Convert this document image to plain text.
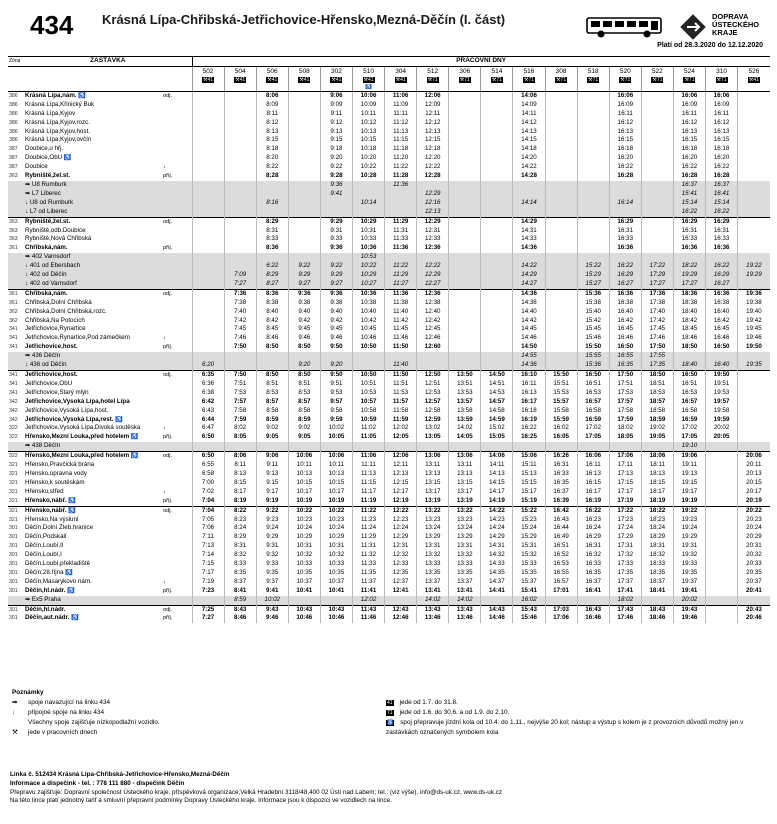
434 Krásná Lípa-Chřibská-Jetřichovice-Hřensko,Mezná-Děčín (I. část)	DOPRAVA
ÚSTECKÉHO
KRAJE
Platí od 28.3.2020 do 12.12.2020
Zóna	ZASTÁVKA		PRACOVNÍ DNY																	
			502	504	506	508	302	510	304	512	306	514	516	308	518	520	522	524	310	526
			⚒41	⚒41	⚒41	⚒41	⚒41	⚒41	⚒41	⚒71	⚒71	⚒71	⚒71	⚒71	⚒71	⚒71	⚒71	⚒71	⚒71	⚒41
								♿												
386	Krásná Lípa,nám. ♿	odj.			8:06		9:06	10:06	11:06	12:06			14:06			16:06		16:06	16:06	
386	Krásná Lípa,Křinický Buk				8:09		9:09	10:09	11:09	12:09			14:09			16:09		16:09	16:09	
386	Krásná Lípa,Kyjov				8:11		9:11	10:11	11:11	12:11			14:11			16:11		16:11	16:11	
386	Krásná Lípa,Kyjov,rozc.				8:12		9:12	10:12	11:12	12:12			14:12			16:12		16:12	16:12	
386	Krásná Lípa,Kyjov,host.				8:13		9:13	10:13	11:13	12:13			14:13			16:13		16:13	16:13	
386	Krásná Lípa,Kyjov,ovčín				8:15		9:15	10:15	11:15	12:15			14:15			16:15		16:15	16:15	
387	Doubice,u hřj.				8:18		9:18	10:18	11:18	12:18			14:18			16:18		16:18	16:18	
387	Doubice,ObÚ ♿				8:20		9:20	10:20	11:20	12:20			14:20			16:20		16:20	16:20	
387	Doubice	↓			8:22		9:22	10:22	11:22	12:22			14:22			16:22		16:22	16:22	
363	Rybniště,žel.st.	příj.			8:28		9:28	10:28	11:28	12:28			14:28			16:28		16:28	16:28	
	➡ U8 Rumburk						9:36		11:36									16:37	16:37	
	➡ L7 Liberec						9:41			12:29								15:41	16:41	
	↓ U8 od Rumburk				8:16			10:14		12:16			14:14			16:14		15:14	15:14	
	↓ L7 od Liberec									12:13								16:22	16:22	
363	Rybniště,žel.st.	odj.			8:29		9:29	10:29	11:29	12:29			14:29			16:29		16:29	16:29	
363	Rybniště,odb.Doubice				8:31		9:31	10:31	11:31	12:31			14:31			16:31		16:31	16:31	
363	Rybniště,Nová Chřibská				8:33		9:33	10:33	11:33	12:33			14:33			16:33		16:33	16:33	
361	Chřibská,nám.	příj.			8:36		9:36	10:36	11:36	12:36			14:36			16:36		16:36	16:36	
	➡ 402 Varnsdorf							10:53												
	↓ 401 od Ebersbach				6:22	9:22	9:22	10:22	11:22	12:22			14:22		15:22	16:22	17:22	18:22	16:22	19:22
	↓ 402 od Děčín			7:09	8:29	9:29	9:29	10:29	11:29	12:29			14:29		15:29	16:29	17:29	19:29	16:29	19:29
	↓ 402 od Varnsdorf			7:27	8:27	9:27	9:27	10:27	11:27	12:27			14:27		15:27	16:27	17:27	17:27	16:27	
361	Chřibská,nám.	odj.		7:36	8:36	9:36	9:36	10:36	11:36	12:36			14:36		15:36	16:36	17:36	18:36	16:36	19:36
361	Chřibská,Dolní Chřibská			7:38	8:38	9:38	9:38	10:38	11:38	12:38			14:38		15:38	16:38	17:38	18:38	16:38	19:38
362	Chřibská,Dolní Chřibská,rozc.			7:40	8:40	9:40	9:40	10:40	11:40	12:40			14:40		15:40	16:40	17:40	18:40	16:40	19:40
362	Chřibská,Na Potocích			7:42	8:42	9:42	9:42	10:42	11:42	12:42			14:42		15:42	16:42	17:42	18:42	16:42	19:42
341	Jetřichovice,Rynartice			7:45	8:45	9:45	9:45	10:45	11:45	12:45			14:45		15:45	16:45	17:45	18:45	16:45	19:45
341	Jetřichovice,Rynartice,Pod zámečkem	↓		7:46	8:46	9:46	9:46	10:46	11:46	12:46			14:46		15:46	16:46	17:46	18:46	16:46	19:46
341	Jetřichovice,host.	příj.		7:50	8:50	8:50	9:50	10:50	11:50	12:60			14:50		15:50	16:50	17:50	18:50	16:50	19:50
	➡ 436 Děčín												14:55		15:55	16:55	17:55			
	↓ 436 od Děčín		6:20			9:20	9:20		11:40				14:36		15:36	16:35	17:35	18:40	16:40	19:35
341	Jetřichovice,host.	odj.	6:35	7:50	8:50	8:50	9:50	10:50	11:50	12:50	13:50	14:50	16:10	15:50	16:50	17:50	18:50	16:50	19:50	
341	Jetřichovice,ObÚ		6:36	7:51	8:51	8:51	9:51	10:51	11:51	12:51	13:51	14:51	16:11	15:51	16:51	17:51	18:51	16:51	19:51	
341	Jetřichovice,Starý mlýn		6:38	7:53	8:53	8:53	9:53	10:53	11:53	12:53	13:53	14:53	16:13	15:53	16:53	17:53	18:53	16:53	19:53	
342	Jetřichovice,Vysoká Lípa,hotel Lípa		6:42	7:57	8:57	8:57	9:57	10:57	11:57	12:57	13:57	14:57	16:17	15:57	16:57	17:57	18:57	16:57	19:57	
342	Jetřichovice,Vysoká Lípa,host.		6:43	7:58	8:58	8:58	9:58	10:58	11:58	12:58	13:58	14:58	16:18	15:58	16:58	17:58	18:58	16:58	19:58	
342	Jetřichovice,Vysoká Lípa,rest. ♿		6:44	7:59	8:59	8:59	9:59	10:59	11:59	12:59	13:59	14:59	16:19	15:59	16:59	17:59	18:59	16:59	19:59	
322	Jetřichovice,Vysoká Lípa,Divoká soutěska	↓	6:47	8:02	9:02	9:02	10:02	11:02	12:02	13:02	14:02	15:02	16:22	16:02	17:02	18:02	19:02	17:02	20:02	
322	Hřensko,Mezní Louka,před hotelem ♿	příj.	6:50	8:05	9:05	9:05	10:05	11:05	12:05	13:05	14:05	15:05	16:25	16:05	17:05	18:05	19:05	17:05	20:05	
	➡ 438 Děčín																	19:10		
322	Hřensko,Mezní Louka,před hotelem ♿	odj.	6:50	8:06	9:06	10:06	10:06	11:06	12:06	13:06	13:06	14:06	15:06	16:26	16:06	17:06	18:06	19:06		20:06
321	Hřensko,Pravčická brána		6:55	8:11	9:11	10:11	10:11	11:11	12:11	13:11	13:11	14:11	15:11	16:31	16:11	17:11	18:11	19:11		20:11
321	Hřensko,úpravna vody		6:58	8:13	9:13	10:13	10:13	11:13	12:13	13:13	13:13	14:13	15:13	16:33	16:13	17:13	18:13	19:13		20:13
321	Hřensko,k soutěskám		7:00	8:15	9:15	10:15	10:15	11:15	12:15	13:15	13:15	14:15	15:15	16:35	16:15	17:15	18:15	19:15		20:15
321	Hřensko,střed	↓	7:02	8:17	9:17	10:17	10:17	11:17	12:17	13:17	13:17	14:17	15:17	16:37	16:17	17:17	18:17	19:17		20:17
321	Hřensko,nábř. ♿	příj.	7:04	8:19	9:19	10:19	10:19	11:19	12:19	13:19	13:19	14:19	15:19	16:39	16:19	17:19	18:19	19:19		20:19
321	Hřensko,nábř. ♿	odj.	7:04	8:22	9:22	10:22	10:22	11:22	12:22	13:22	13:22	14:22	15:22	16:42	16:22	17:22	18:22	19:22		20:22
321	Hřensko,Na výsluní		7:05	8:23	9:23	10:23	10:23	11:23	12:23	13:23	13:23	14:23	15:23	16:43	16:23	17:23	18:23	19:23		20:23
301	Děčín,Dolní Žleb,hranice		7:06	8:24	9:24	10:24	10:24	11:24	12:24	13:24	13:24	14:24	15:24	16:44	16:24	17:24	18:24	19:24		20:24
301	Děčín,Podskalí		7:11	8:29	9:29	10:29	10:29	11:29	12:29	13:29	13:29	14:29	15:29	16:49	16:29	17:29	18:29	19:29		20:29
301	Děčín,Loubí,II		7:13	8:31	9:31	10:31	10:31	11:31	12:31	13:31	13:31	14:31	15:31	16:51	16:31	17:31	18:31	19:31		20:31
301	Děčín,Loubí,I		7:14	8:32	9:32	10:32	10:32	11:32	12:32	13:32	13:32	14:32	15:32	16:52	16:32	17:32	18:32	19:32		20:32
301	Děčín,Loubí,překladiště		7:15	8:33	9:33	10:33	10:33	11:33	12:33	13:33	13:33	14:33	15:33	16:53	16:33	17:33	18:33	19:33		20:33
301	Děčín,28.října ♿		7:17	8:35	9:35	10:35	10:35	11:35	12:35	13:35	13:35	14:35	15:35	16:55	16:35	17:35	18:35	19:35		20:35
301	Děčín,Masarykovo nám.	↓	7:19	8:37	9:37	10:37	10:37	11:37	12:37	13:37	13:37	14:37	15:37	16:57	16:37	17:37	18:37	19:37		20:37
301	Děčín,hl.nádr. ♿	příj.	7:23	8:41	9:41	10:41	10:41	11:41	12:41	13:41	13:41	14:41	15:41	17:01	16:41	17:41	18:41	19:41		20:41
	➡ Ex5 Praha			8:59	10:02			12:02		14:02	14:02		16:02			18:02		20:02		
301	Děčín,hl.nádr.	odj.	7:25	8:43	9:43	10:43	10:43	11:43	12:43	13:43	13:43	14:43	15:43	17:03	16:43	17:43	18:43	19:43		20:43
301	Děčín,aut.nádr. ♿	příj.	7:27	8:46	9:46	10:46	10:46	11:46	12:46	13:46	13:46	14:46	15:46	17:06	16:46	17:46	18:46	19:46		20:46
Poznámky
➡ spoje navazující na linku 434
↓ připojné spoje na linku 434
Všechny spoje zajišťuje nízkopodlažní vozidlo.
⚒ jede v pracovních dnech
41 jede od 1.7. do 31.8.
71 jede od 1.6. do 30.6. a od 1.9. do 2.10.
♿ spoj přepravuje jízdní kola od 10.4. do 1.11., nejvýše 20 kol; nástup a výstup s kolem je z provozních důvodů možný jen v zastávkách označených symbolem kola
Linka č. 512434 Krásná Lípa-Chřibská-Jetřichovice-Hřensko,Mezná-Děčín
Informace a dispečink - tel. : 778 111 880 - dispečink Děčín
Přepravu zajišťuje: Dopravní společnost Ústeckého kraje, příspěvková organizace,Velká Hradební 3118/48,400 02 Ústí nad Labem; tel.: (viz výše), info@ds-uk.cz, www.ds-uk.cz
Na této lince platí jednotný tarif a smluvní přepravní podmínky Dopravy Ústeckého kraje. Informace jsou k dispozici ve vozidlech na lince.
